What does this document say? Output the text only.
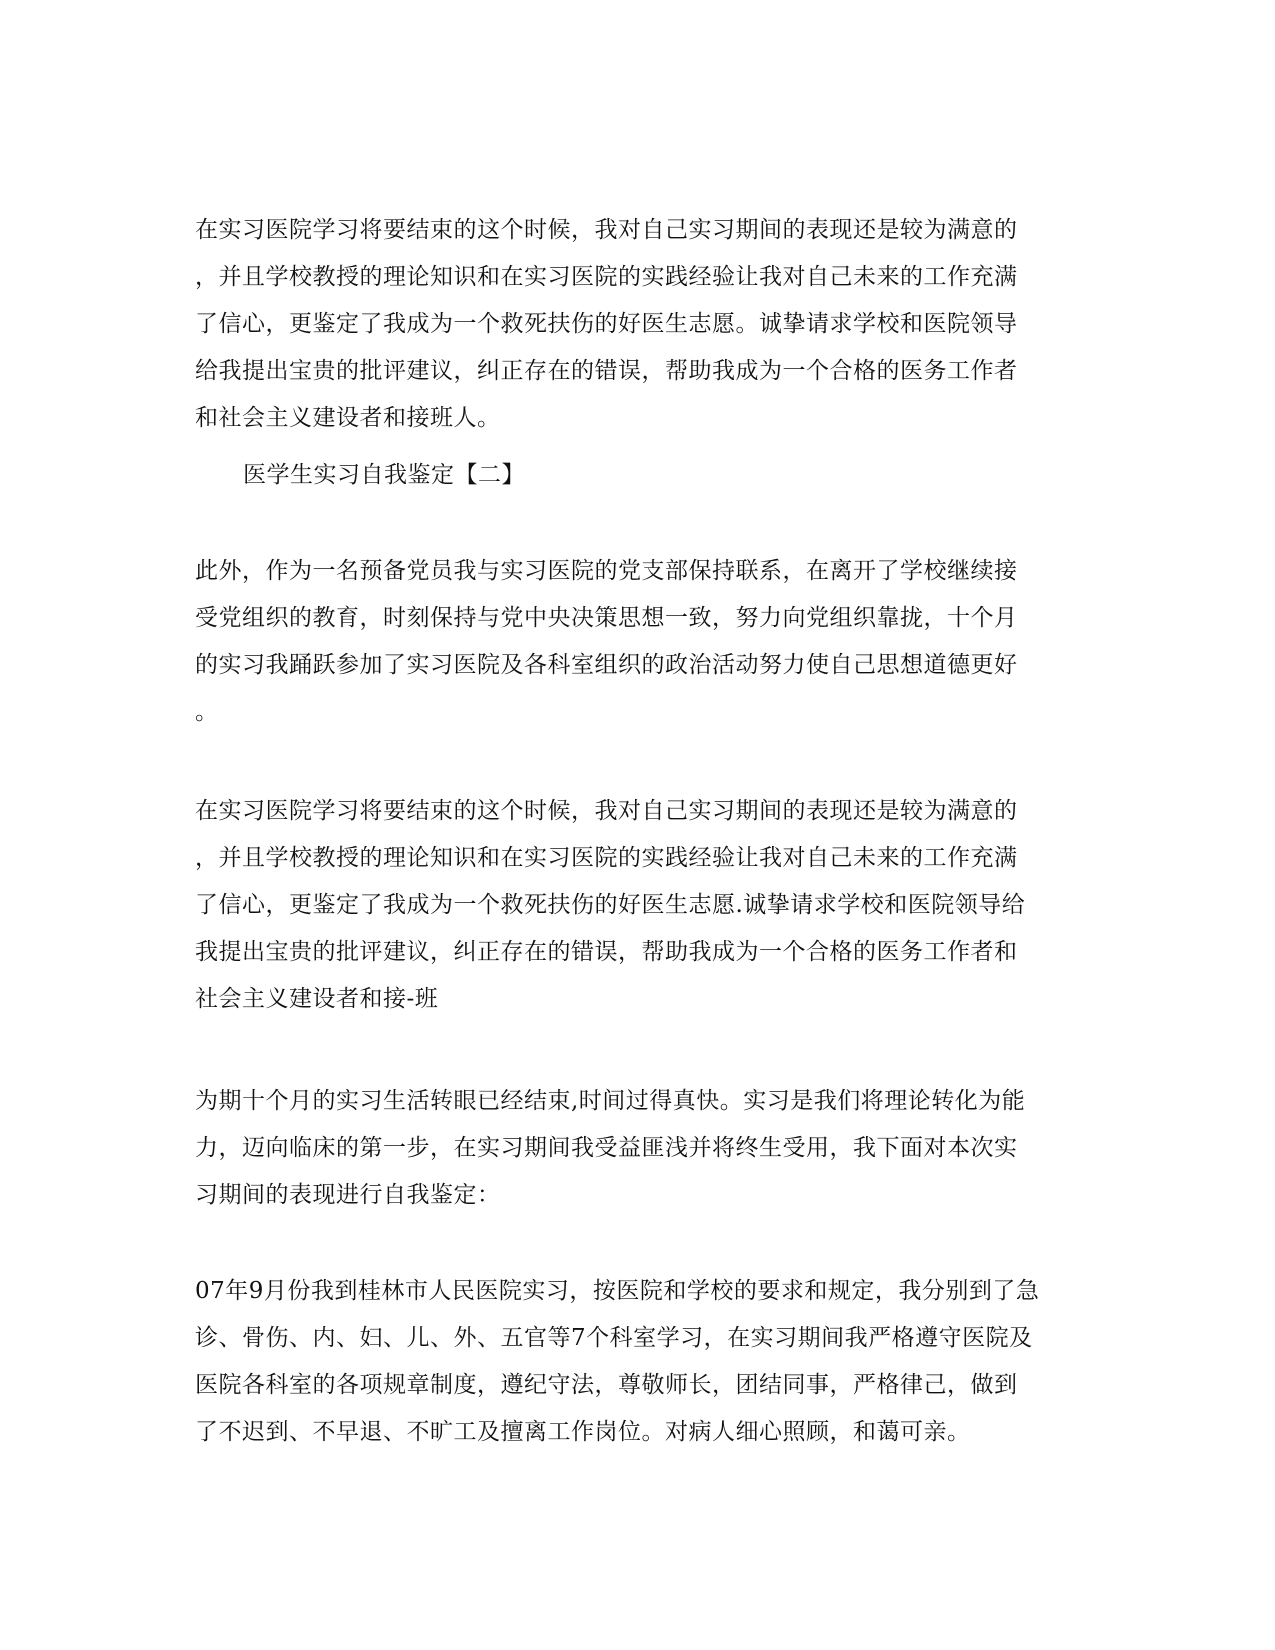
在实习医院学习将要结束的这个时候，我对自己实习期间的表现还是较为满意的
，并且学校教授的理论知识和在实习医院的实践经验让我对自己未来的工作充满
了信心，更鉴定了我成为一个救死扶伤的好医生志愿。诚挚请求学校和医院领导
给我提出宝贵的批评建议，纠正存在的错误，帮助我成为一个合格的医务工作者
和社会主义建设者和接班人。

医学生实习自我鉴定【二】

此外，作为一名预备党员我与实习医院的党支部保持联系，在离开了学校继续接
受党组织的教育，时刻保持与党中央决策思想一致，努力向党组织靠拢，十个月
的实习我踊跃参加了实习医院及各科室组织的政治活动努力使自己思想道德更好
。

在实习医院学习将要结束的这个时候，我对自己实习期间的表现还是较为满意的
，并且学校教授的理论知识和在实习医院的实践经验让我对自己未来的工作充满
了信心，更鉴定了我成为一个救死扶伤的好医生志愿.诚挚请求学校和医院领导给
我提出宝贵的批评建议，纠正存在的错误，帮助我成为一个合格的医务工作者和
社会主义建设者和接-班

为期十个月的实习生活转眼已经结束,时间过得真快。实习是我们将理论转化为能
力，迈向临床的第一步，在实习期间我受益匪浅并将终生受用，我下面对本次实
习期间的表现进行自我鉴定：

07年9月份我到桂林市人民医院实习，按医院和学校的要求和规定，我分别到了急
诊、骨伤、内、妇、儿、外、五官等7个科室学习，在实习期间我严格遵守医院及
医院各科室的各项规章制度，遵纪守法，尊敬师长，团结同事，严格律己，做到
了不迟到、不早退、不旷工及擅离工作岗位。对病人细心照顾，和蔼可亲。
